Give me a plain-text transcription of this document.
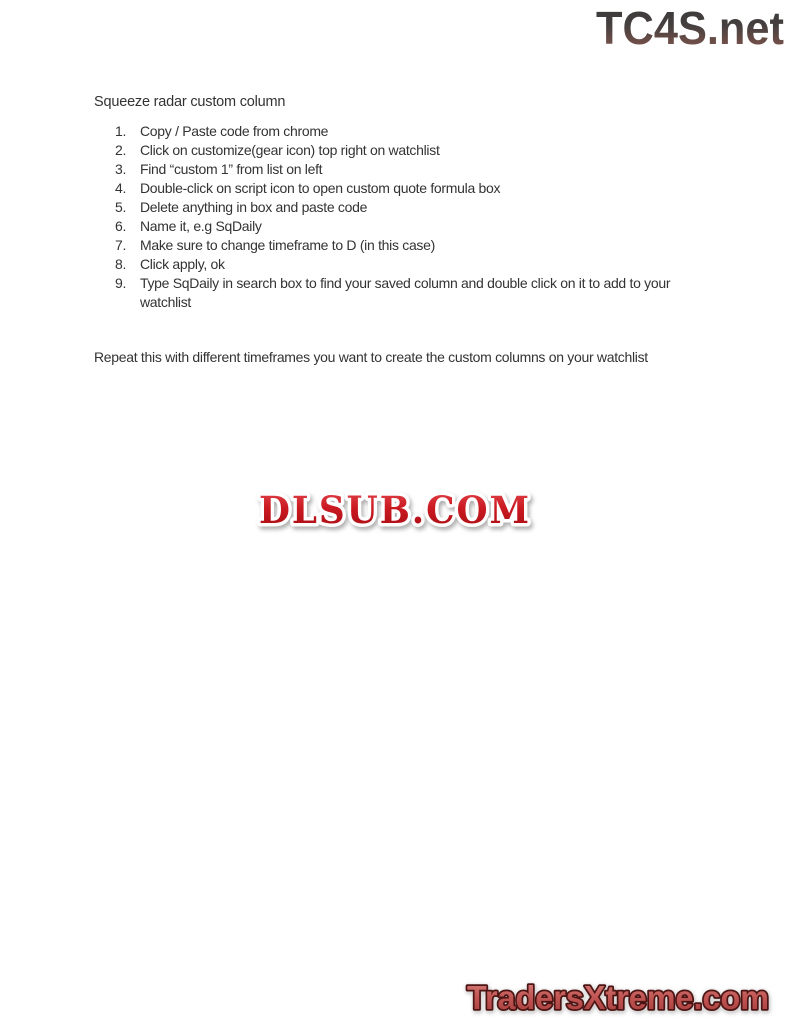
TC4S.net
Squeeze radar custom column
1. Copy / Paste code from chrome
2. Click on customize(gear icon) top right on watchlist
3. Find “custom 1” from list on left
4. Double-click on script icon to open custom quote formula box
5. Delete anything in box and paste code
6. Name it, e.g SqDaily
7. Make sure to change timeframe to D (in this case)
8. Click apply, ok
9. Type SqDaily in search box to find your saved column and double click on it to add to your watchlist

Repeat this with different timeframes you want to create the custom columns on your watchlist

DLSUB.COM
TradersXtreme.com
